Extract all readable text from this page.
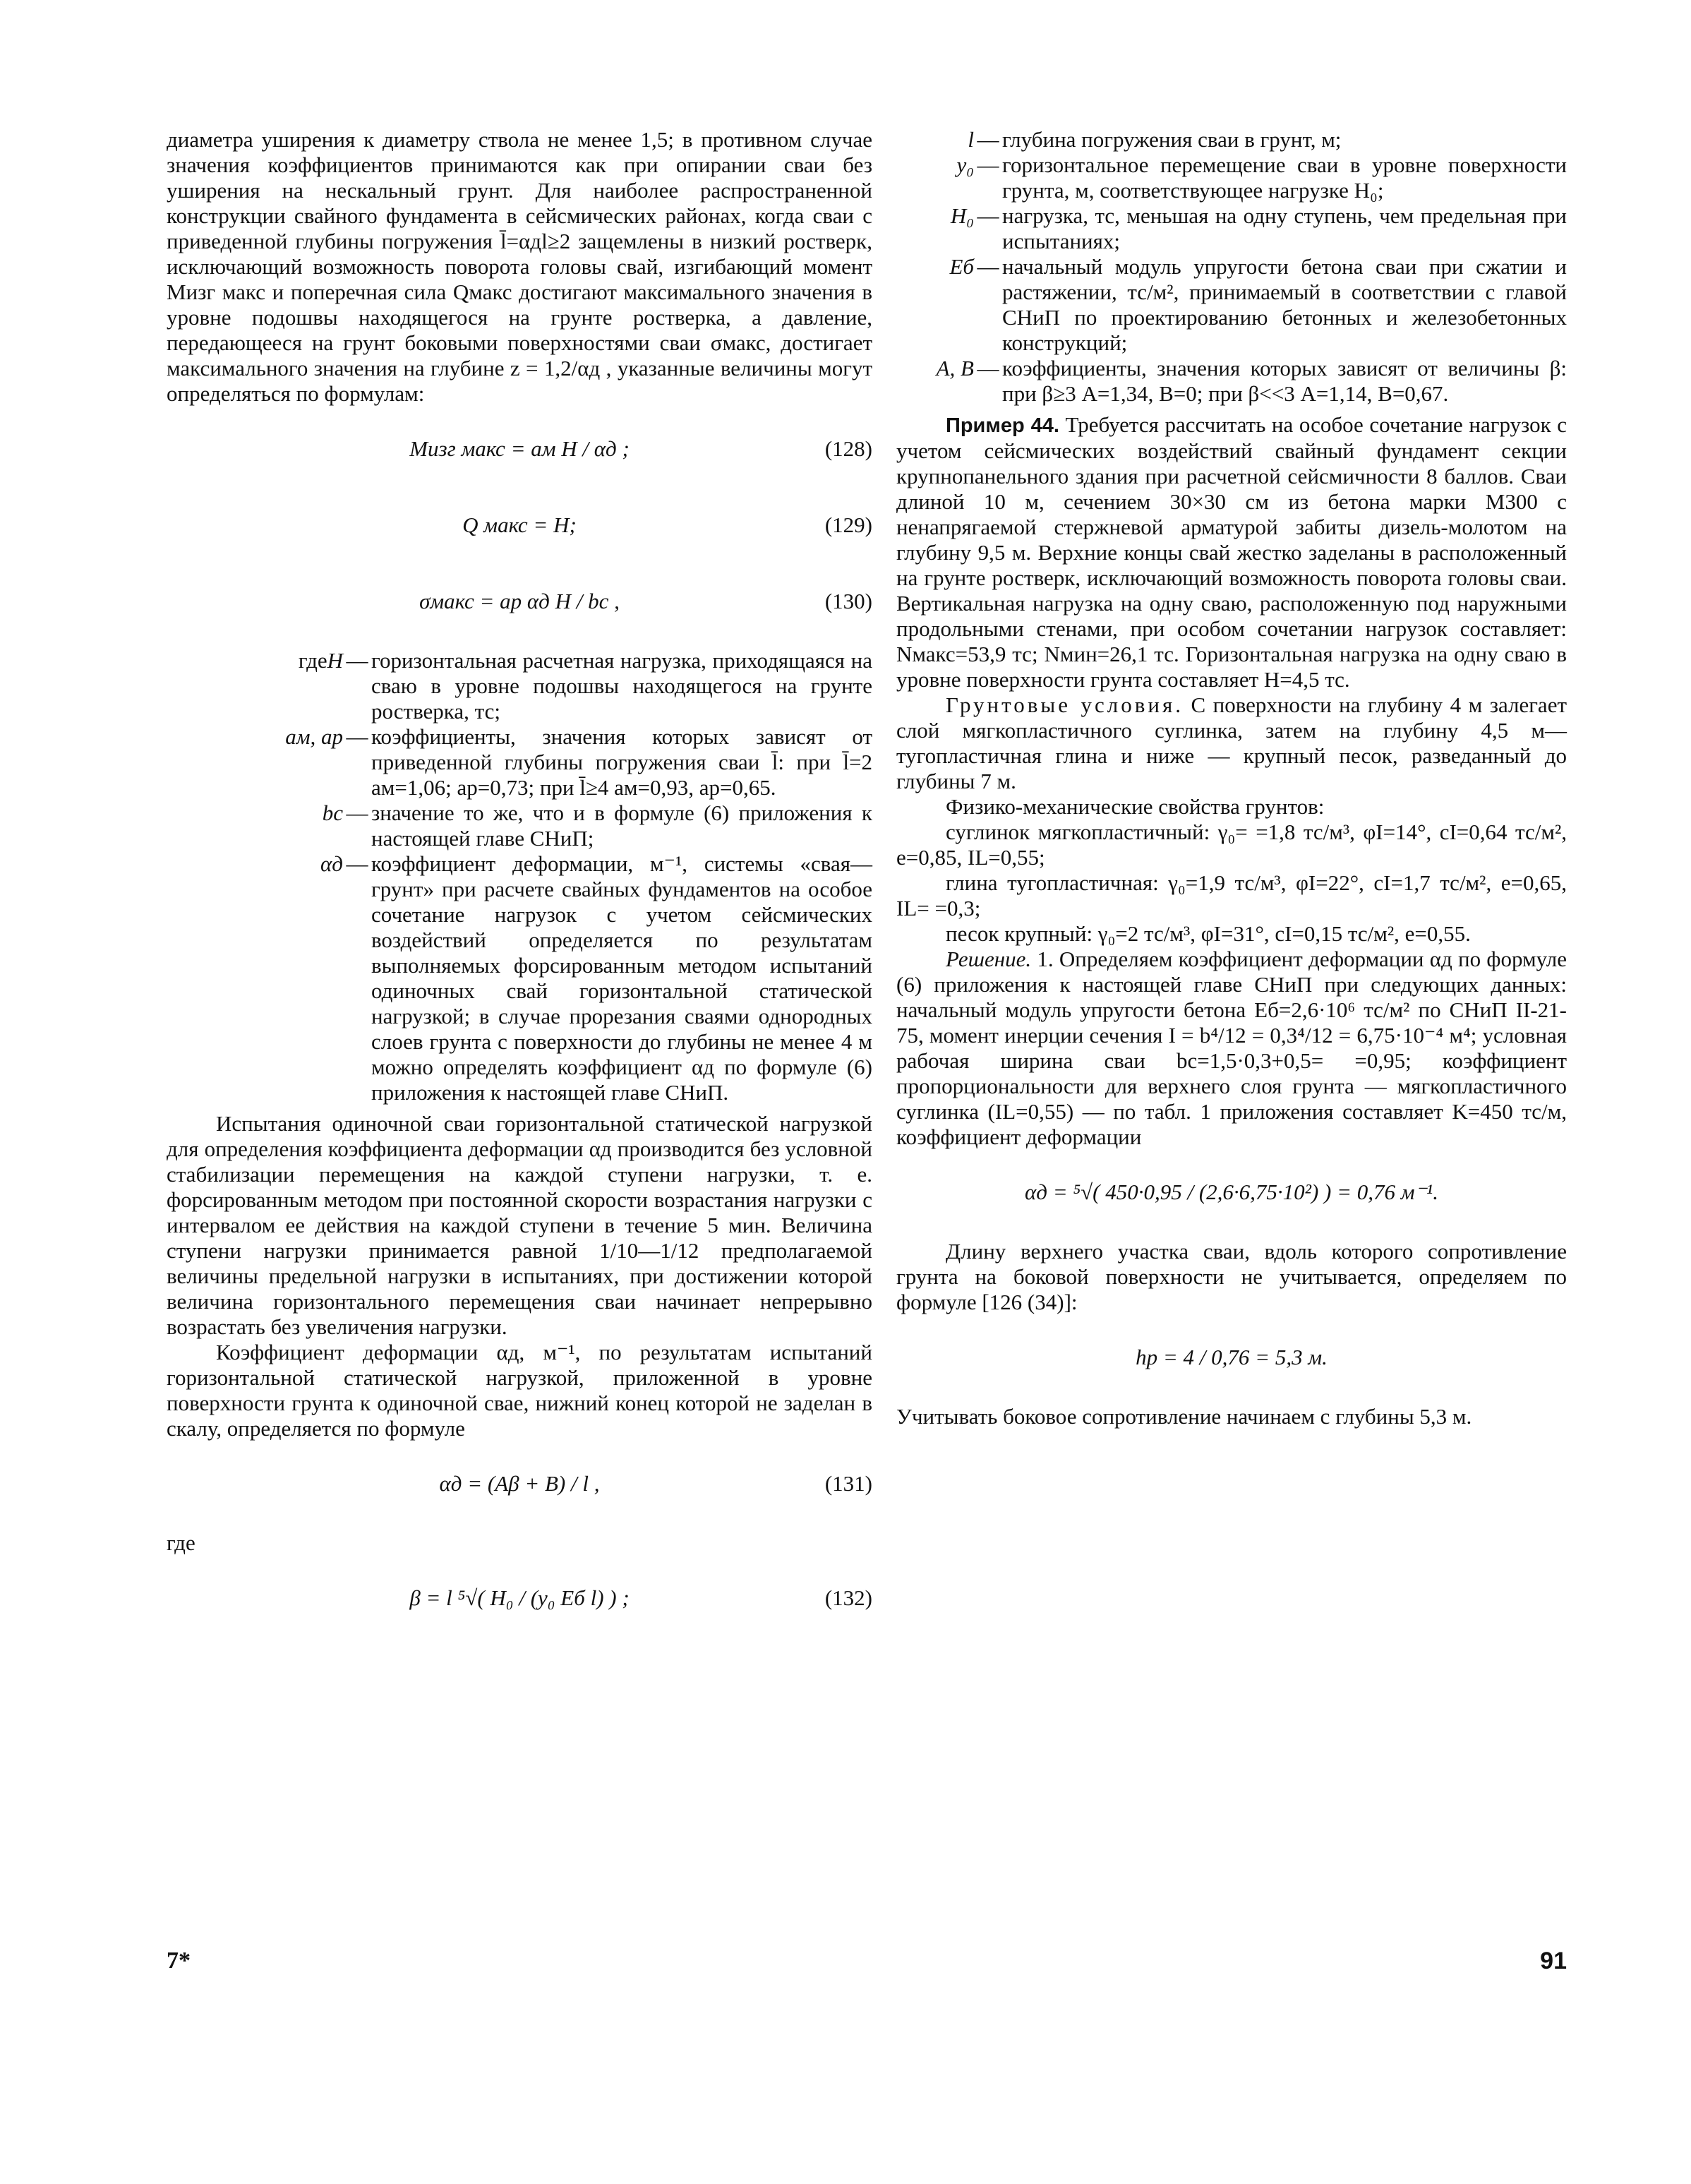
диаметра уширения к диаметру ствола не менее 1,5; в противном случае значения коэффициентов принимаются как при опирании сваи без уширения на нескальный грунт. Для наиболее распространенной конструкции свайного фундамента в сейсмических районах, когда сваи с приведенной глубины погружения l̄=αдl≥2 защемлены в низкий ростверк, исключающий возможность поворота головы свай, изгибающий момент Mизг макс и поперечная сила Qмакс достигают максимального значения в уровне подошвы находящегося на грунте ростверка, а давление, передающееся на грунт боковыми поверхностями сваи σмакс, достигает максимального значения на глубине z = 1,2/αд , указанные величины могут определяться по формулам:

Mизг макс = aм H / αд ;	(128)
Q макс = H;	(129)
σмакс = aр αд H / bс ,	(130)
гдеH — горизонтальная расчетная нагрузка, приходящаяся на сваю в уровне подошвы находящегося на грунте ростверка, тс;
aм, aр — коэффициенты, значения которых зависят от приведенной глубины погружения сваи l̄: при l̄=2 aм=1,06; aр=0,73; при l̄≥4 aм=0,93, aр=0,65.
bс — значение то же, что и в формуле (6) приложения к настоящей главе СНиП;
αд — коэффициент деформации, м⁻¹, системы «свая—грунт» при расчете свайных фундаментов на особое сочетание нагрузок с учетом сейсмических воздействий определяется по результатам выполняемых форсированным методом испытаний одиночных свай горизонтальной статической нагрузкой; в случае прорезания сваями однородных слоев грунта с поверхности до глубины не менее 4 м можно определять коэффициент αд по формуле (6) приложения к настоящей главе СНиП.

Испытания одиночной сваи горизонтальной статической нагрузкой для определения коэффициента деформации αд производится без условной стабилизации перемещения на каждой ступени нагрузки, т. е. форсированным методом при постоянной скорости возрастания нагрузки с интервалом ее действия на каждой ступени в течение 5 мин. Величина ступени нагрузки принимается равной 1/10—1/12 предполагаемой величины предельной нагрузки в испытаниях, при достижении которой величина горизонтального перемещения сваи начинает непрерывно возрастать без увеличения нагрузки.

Коэффициент деформации αд, м⁻¹, по результатам испытаний горизонтальной статической нагрузкой, приложенной в уровне поверхности грунта к одиночной свае, нижний конец которой не заделан в скалу, определяется по формуле

αд = (Aβ + B) / l ,	(131)

где

β = l ⁵√( H₀ / (y₀ Eб l) ) ;	(132)
l — глубина погружения сваи в грунт, м;
y₀ — горизонтальное перемещение сваи в уровне поверхности грунта, м, соответствующее нагрузке H₀;
H₀ — нагрузка, тс, меньшая на одну ступень, чем предельная при испытаниях;
Eб — начальный модуль упругости бетона сваи при сжатии и растяжении, тс/м², принимаемый в соответствии с главой СНиП по проектированию бетонных и железобетонных конструкций;
A, B — коэффициенты, значения которых зависят от величины β: при β≥3 A=1,34, B=0; при β<<3 A=1,14, B=0,67.

Пример 44. Требуется рассчитать на особое сочетание нагрузок с учетом сейсмических воздействий свайный фундамент секции крупнопанельного здания при расчетной сейсмичности 8 баллов. Сваи длиной 10 м, сечением 30×30 см из бетона марки М300 с ненапрягаемой стержневой арматурой забиты дизель-молотом на глубину 9,5 м. Верхние концы свай жестко заделаны в расположенный на грунте ростверк, исключающий возможность поворота головы сваи. Вертикальная нагрузка на одну сваю, расположенную под наружными продольными стенами, при особом сочетании нагрузок составляет: Nмакс=53,9 тс; Nмин=26,1 тс. Горизонтальная нагрузка на одну сваю в уровне поверхности грунта составляет H=4,5 тс.

Грунтовые условия. С поверхности на глубину 4 м залегает слой мягкопластичного суглинка, затем на глубину 4,5 м—тугопластичная глина и ниже — крупный песок, разведанный до глубины 7 м.

Физико-механические свойства грунтов:

суглинок мягкопластичный: γ₀= =1,8 тс/м³, φI=14°, cI=0,64 тс/м², e=0,85, IL=0,55;

глина тугопластичная: γ₀=1,9 тс/м³, φI=22°, cI=1,7 тс/м², e=0,65, IL= =0,3;

песок крупный: γ₀=2 тс/м³, φI=31°, cI=0,15 тс/м², e=0,55.

Решение. 1. Определяем коэффициент деформации αд по формуле (6) приложения к настоящей главе СНиП при следующих данных: начальный модуль упругости бетона Eб=2,6·10⁶ тс/м² по СНиП II-21-75, момент инерции сечения I = b⁴/12 = 0,3⁴/12 = 6,75·10⁻⁴ м⁴; условная рабочая ширина сваи bс=1,5·0,3+0,5= =0,95; коэффициент пропорциональности для верхнего слоя грунта — мягкопластичного суглинка (IL=0,55) — по табл. 1 приложения составляет K=450 тс/м, коэффициент деформации

αд = ⁵√( 450·0,95 / (2,6·6,75·10²) ) = 0,76 м⁻¹.

Длину верхнего участка сваи, вдоль которого сопротивление грунта на боковой поверхности не учитывается, определяем по формуле [126 (34)]:

hр = 4 / 0,76 = 5,3 м.

Учитывать боковое сопротивление начинаем с глубины 5,3 м.

7*	91
